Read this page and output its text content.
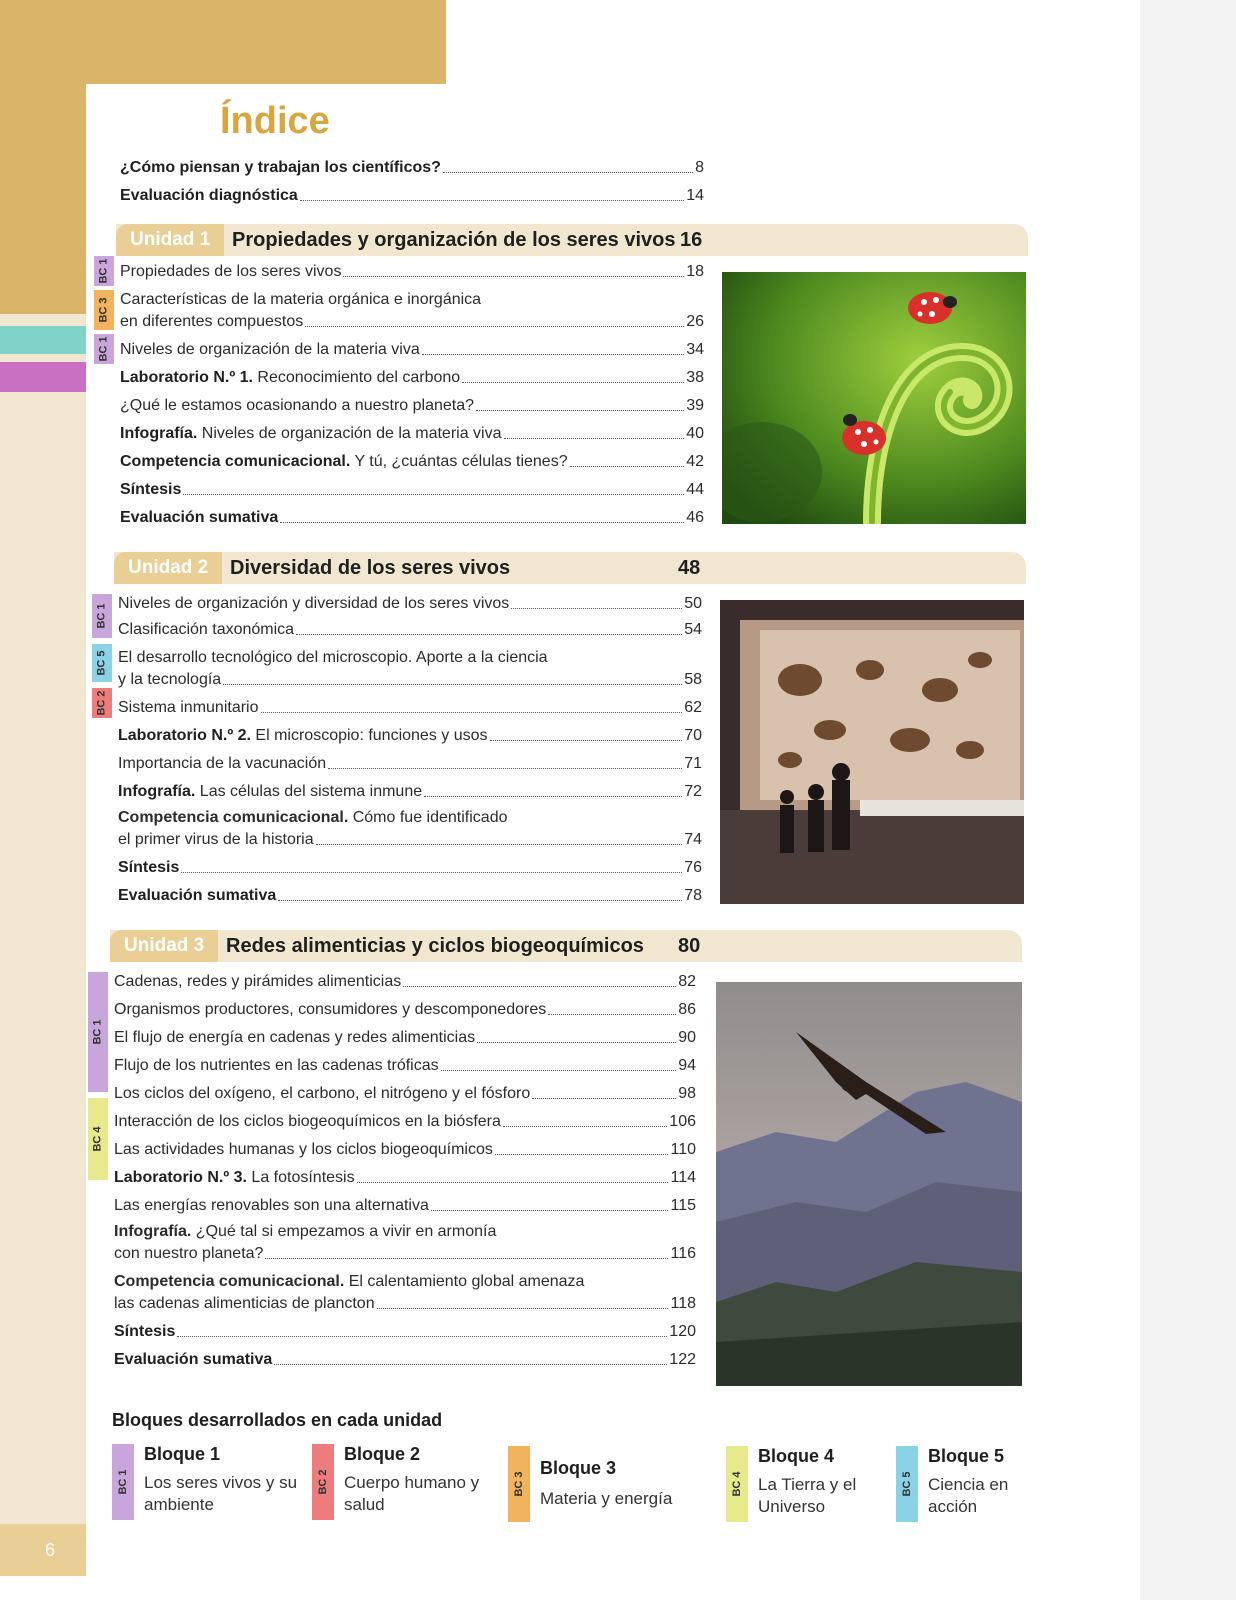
6
Índice
¿Cómo piensan y trabajan los científicos?	8
Evaluación diagnóstica	14
Unidad 1	Propiedades y organización de los seres vivos 16
BC 1
BC 3
BC 1
Propiedades de los seres vivos	18
Características de la materia orgánica e inorgánica
en diferentes compuestos	26
Niveles de organización de la materia viva	34
Laboratorio N.º 1. Reconocimiento del carbono	38
¿Qué le estamos ocasionando a nuestro planeta?	39
Infografía. Niveles de organización de la materia viva	40
Competencia comunicacional. Y tú, ¿cuántas células tienes?	42
Síntesis	44
Evaluación sumativa	46
Unidad 2	Diversidad de los seres vivos	48
BC 1
BC 5
BC 2
Niveles de organización y diversidad de los seres vivos	50
Clasificación taxonómica	54
El desarrollo tecnológico del microscopio. Aporte a la ciencia
y la tecnología	58
Sistema inmunitario	62
Laboratorio N.º 2. El microscopio: funciones y usos	70
Importancia de la vacunación	71
Infografía. Las células del sistema inmune	72
Competencia comunicacional. Cómo fue identificado
el primer virus de la historia	74
Síntesis	76
Evaluación sumativa	78
Unidad 3	Redes alimenticias y ciclos biogeoquímicos 80
BC 1
BC 4
Cadenas, redes y pirámides alimenticias	82
Organismos productores, consumidores y descomponedores	86
El flujo de energía en cadenas y redes alimenticias	90
Flujo de los nutrientes en las cadenas tróficas	94
Los ciclos del oxígeno, el carbono, el nitrógeno y el fósforo	98
Interacción de los ciclos biogeoquímicos en la biósfera	106
Las actividades humanas y los ciclos biogeoquímicos	110
Laboratorio N.º 3. La fotosíntesis	114
Las energías renovables son una alternativa	115
Infografía. ¿Qué tal si empezamos a vivir en armonía
con nuestro planeta?	116
Competencia comunicacional. El calentamiento global amenaza
las cadenas alimenticias de plancton	118
Síntesis	120
Evaluación sumativa	122
Bloques desarrollados en cada unidad
BC 1
Bloque 1
Los seres vivos y su ambiente
BC 2
Bloque 2
Cuerpo humano y salud
BC 3
Bloque 3
Materia y energía
BC 4
Bloque 4
La Tierra y el Universo
BC 5
Bloque 5
Ciencia en acción
